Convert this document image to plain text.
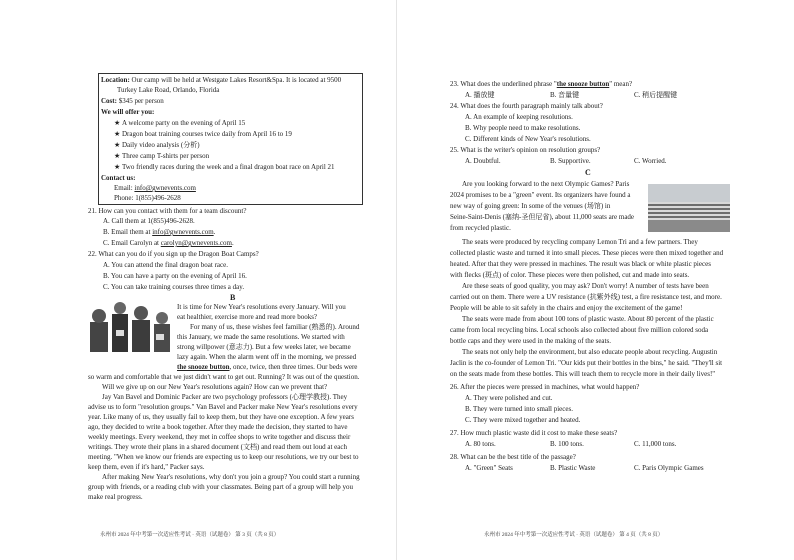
Location: Our camp will be held at Westgate Lakes Resort&Spa. It is located at 9500
Turkey Lake Road, Orlando, Florida
Cost: $345 per person
We will offer you:
★ A welcome party on the evening of April 15
★ Dragon boat training courses twice daily from April 16 to 19
★ Daily video analysis (分析)
★ Three camp T-shirts per person
★ Two friendly races during the week and a final dragon boat race on April 21
Contact us:
Email: info@gwnevents.com
Phone: 1(855)496-2628
21. How can you contact with them for a team discount?
A. Call them at 1(855)496-2628.
B. Email them at info@gwnevents.com.
C. Email Carolyn at carolyn@gwnevents.com.
22. What can you do if you sign up the Dragon Boat Camps?
A. You can attend the final dragon boat race.
B. You can have a party on the evening of April 16.
C. You can take training courses three times a day.
B
It is time for New Year's resolutions every January. Will you
eat healthier, exercise more and read more books?
For many of us, these wishes feel familiar (熟悉的). Around
this January, we made the same resolutions. We started with
strong willpower (意志力). But a few weeks later, we became
lazy again. When the alarm went off in the morning, we pressed
the snooze button, once, twice, then three times. Our beds were
so warm and comfortable that we just didn't want to get out. Running? It was out of the question.
Will we give up on our New Year's resolutions again? How can we prevent that?
Jay Van Bavel and Dominic Packer are two psychology professors (心理学教授). They
advise us to form "resolution groups." Van Bavel and Packer make New Year's resolutions every
year. Like many of us, they usually fail to keep them, but they have one exception. A few years
ago, they decided to write a book together. After they made the decision, they started to have
weekly meetings. Every weekend, they met in coffee shops to write together and discuss their
writings. They wrote their plans in a shared document (文档) and read them out loud at each
meeting. "When we know our friends are expecting us to keep our resolutions, we try our best to
keep them, even if it's hard," Packer says.
After making New Year's resolutions, why don't you join a group? You could start a running
group with friends, or a reading club with your classmates. Being part of a group will help you
make real progress.
永州市 2024 年中考第一次适应性考试 · 英语（试题卷） 第 3 页（共 8 页）
23. What does the underlined phrase "the snooze button" mean?
A. 播放键	B. 音量键	C. 稍后提醒键
24. What does the fourth paragraph mainly talk about?
A. An example of keeping resolutions.
B. Why people need to make resolutions.
C. Different kinds of New Year's resolutions.
25. What is the writer's opinion on resolution groups?
A. Doubtful.	B. Supportive.	C. Worried.
C
Are you looking forward to the next Olympic Games? Paris
2024 promises to be a "green" event. Its organizers have found a
new way of going green: In some of the venues (场馆) in
Seine-Saint-Denis (塞纳-圣但尼省), about 11,000 seats are made
from recycled plastic.
The seats were produced by recycling company Lemon Tri and a few partners. They
collected plastic waste and turned it into small pieces. These pieces were then mixed together and
heated. After that they were pressed in machines. The result was black or white plastic pieces
with flecks (斑点) of color. These pieces were then polished, cut and made into seats.
Are these seats of good quality, you may ask? Don't worry! A number of tests have been
carried out on them. There were a UV resistance (抗紫外线) test, a fire resistance test, and more.
People will be able to sit safely in the chairs and enjoy the excitement of the game!
The seats were made from about 100 tons of plastic waste. About 80 percent of the plastic
came from local recycling bins. Local schools also collected about five million colored soda
bottle caps and they were used in the making of the seats.
The seats not only help the environment, but also educate people about recycling. Augustin
Jaclin is the co-founder of Lemon Tri. "Our kids put their bottles in the bins," he said. "They'll sit
on the seats made from these bottles. This will teach them to recycle more in their daily lives!"
26. After the pieces were pressed in machines, what would happen?
A. They were polished and cut.
B. They were turned into small pieces.
C. They were mixed together and heated.
27. How much plastic waste did it cost to make these seats?
A. 80 tons.	B. 100 tons.	C. 11,000 tons.
28. What can be the best title of the passage?
A. "Green" Seats	B. Plastic Waste	C. Paris Olympic Games
永州市 2024 年中考第一次适应性考试 · 英语（试题卷） 第 4 页（共 8 页）
